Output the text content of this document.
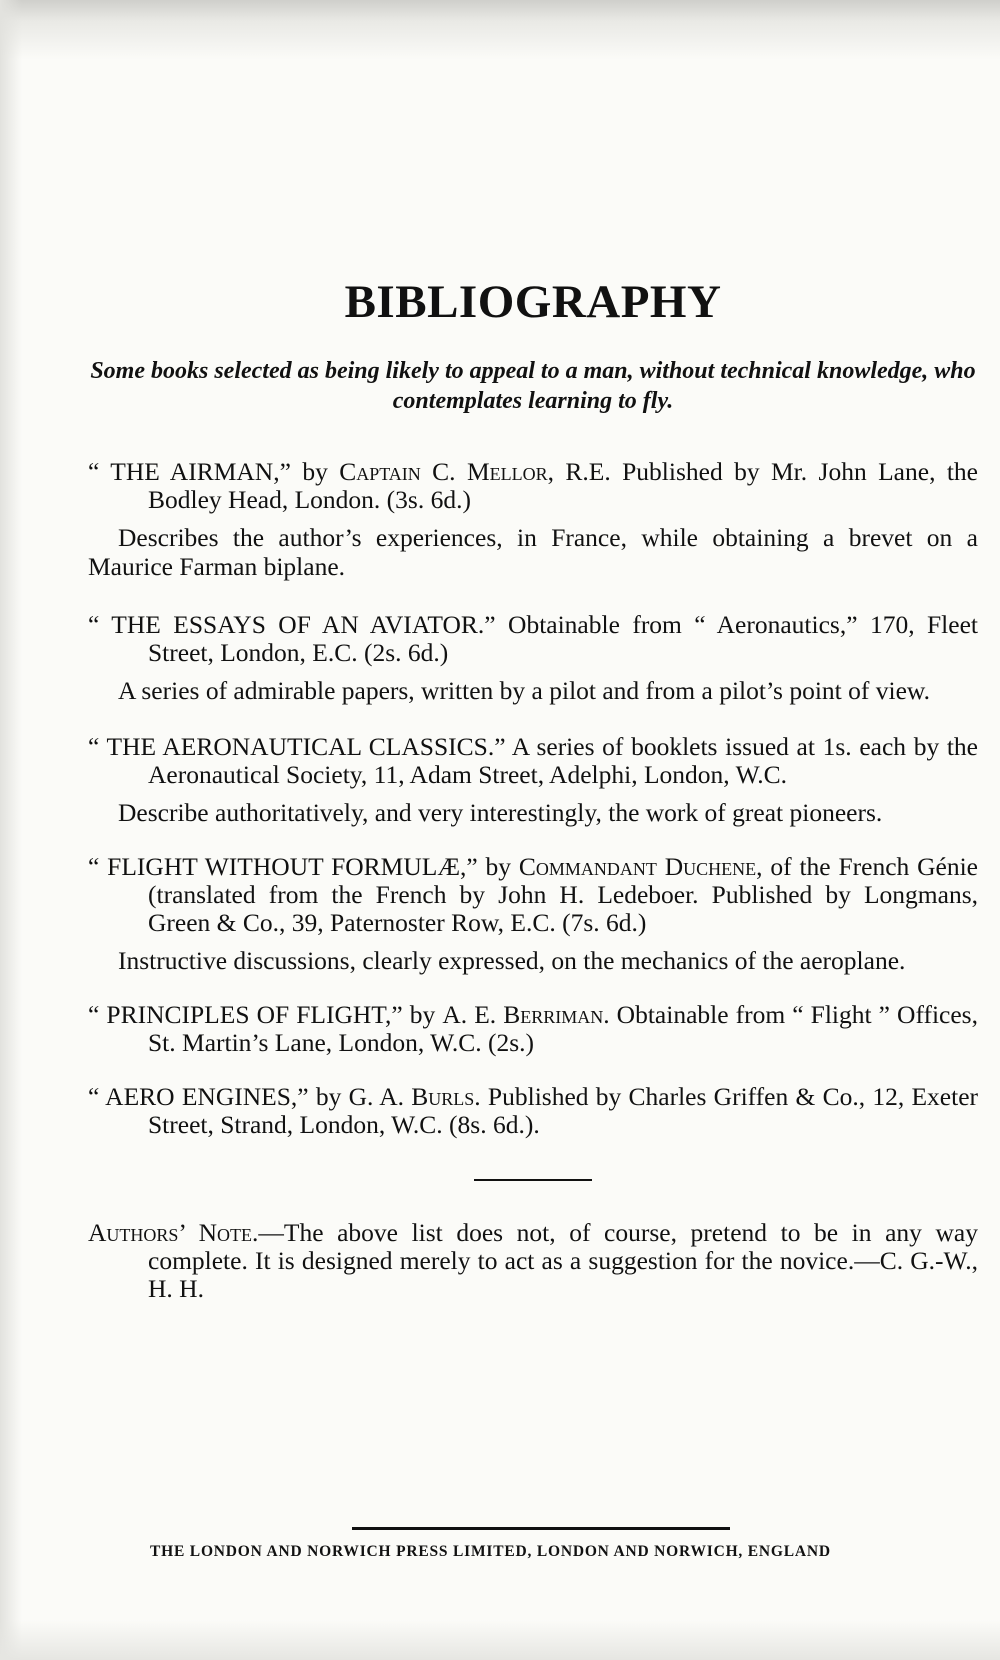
BIBLIOGRAPHY

Some books selected as being likely to appeal to a man, without technical knowledge, who contemplates learning to fly.

“ THE AIRMAN,” by Captain C. Mellor, R.E. Published by Mr. John Lane, the Bodley Head, London. (3s. 6d.)

Describes the author’s experiences, in France, while obtaining a brevet on a Maurice Farman biplane.

“ THE ESSAYS OF AN AVIATOR.” Obtainable from “ Aeronautics,” 170, Fleet Street, London, E.C. (2s. 6d.)

A series of admirable papers, written by a pilot and from a pilot’s point of view.

“ THE AERONAUTICAL CLASSICS.” A series of booklets issued at 1s. each by the Aeronautical Society, 11, Adam Street, Adelphi, London, W.C.

Describe authoritatively, and very interestingly, the work of great pioneers.

“ FLIGHT WITHOUT FORMULÆ,” by Commandant Duchene, of the French Génie (translated from the French by John H. Ledeboer. Published by Longmans, Green & Co., 39, Paternoster Row, E.C. (7s. 6d.)

Instructive discussions, clearly expressed, on the mechanics of the aeroplane.

“ PRINCIPLES OF FLIGHT,” by A. E. Berriman. Obtainable from “ Flight ” Offices, St. Martin’s Lane, London, W.C. (2s.)

“ AERO ENGINES,” by G. A. Burls. Published by Charles Griffen & Co., 12, Exeter Street, Strand, London, W.C. (8s. 6d.).

Authors’ Note.—The above list does not, of course, pretend to be in any way complete. It is designed merely to act as a suggestion for the novice.—C. G.-W., H. H.

THE LONDON AND NORWICH PRESS LIMITED, LONDON AND NORWICH, ENGLAND
